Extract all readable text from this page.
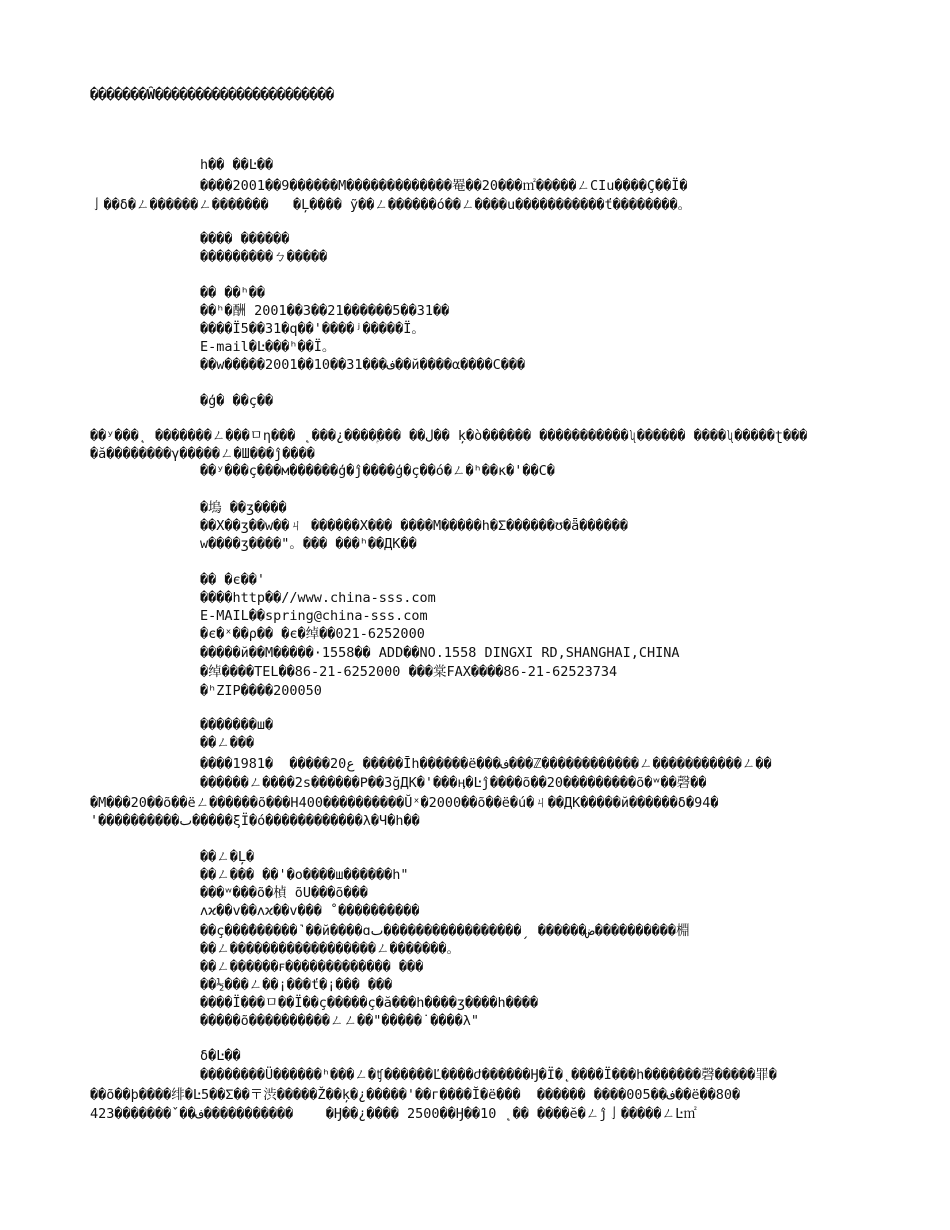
�������Ŵ����������������������
h�� ��Ŀ��
����2001��9������M�������������罨��20���㎡�����ㄥCIu����Ç��Ï�
亅��δ�ㄥ������ㄥ�������   �Ļ���� ỹ��ㄥ������ó��ㄥ����u�����������ť��������。
���� ������
���������ㄅ�����
�� ��ʰ��
��ʰ�酬 2001��3��21������5��31��
����Ï5��31�q��'����ʲ�����Ï。
E-mail�Ŀ���ʰ��Ï。
��w�����2001��10��31���ف��й����α����C���
�ģ� ��ç��
��ʸ���˛ �������ㄥ���ㅁη��� ˛���¿����ۭ��� ��ل�� ķ�ò������ �����������ʯ������ ����ʯ�����ʈ���
�ă��������γ�����ㄥ�Ш���ĵ����
��ʸ���ç���м������ģ�ĵ����ģ�ç��ó�ㄥ�ʰ��к�'��C�
�塢 ��ʒ����
��X��ʒ��w��ㄐ ������X��� ����M�����h�Σ������ʊ�ǟ������
w����ʒ����"。��� ���ʰ��ДК��
�� �є��'
����http��//www.china-sss.com
E-MAIL��spring@china-sss.com
�є�ˣ��ρ�� �є�绰��021-6252000
�����й��M�����·1558�� ADD��NO.1558 DINGXI RD,SHANGHAI,CHINA
�绰����TEL��86-21-6252000 ���棠FAX����86-21-62523734
�ʰZIP����200050
�������ш�
��ㄥ���
����1981�  �����20ﻉ �����Īh������ë���ف���ℤ������������ㄥ�����������ㄥ��
������ㄥ����2s������Ρ��3ğДК�'���ӊ�Ŀĵ����õ��20���������õ�ʷ��磬��
�M���20��õ��ëㄥ������õ���Н400����������Ŭˣ�2000��õ��ë�ú�ㄐ��ДК�����й������δ�94�
'����������ٮ�����ξΪ�ó������������λ�Ч�h��
��ㄥ�Ļ�
��ㄥ��� ��'�o����ш������h"
���ʷ���õ�楨 õU���õ���
ʌϰ��v��ʌϰ��v��� ˚����������
��ç���ٚ������˺��й����ɑض������ ˏ�����������������ٮ����������棩
��ㄥ������������������ㄥ�������。
��ㄥ������ꜰ������������� �ؘ��
��½���ㄥ��¡���ť�¡��� ���
����Ï���ㅁ��Ï��ç�����ç�ă���h����ʒ����h����
�����õ����������ㄥㄥ��"�����˙����λ"
δ�Ŀ��
��������Ü������ʰ���ㄥ�ʧ������Ľ����ժ������Ӈ�Ϊ�˛����Ï���h�������磬�����罪�
��õ��ϸ����绯�Ŀ5��Σ��〒渋�����Ž��ķ�¿�����'��г����Ĭ�ë���  ������ ����005��ف��ë��80�
ف��ˇ�������423�����������    �Ӈ��¿���� 2500��Ӈ��10 ˛�� ����ĕ�ㄥĵ亅�����ㄥĿ㎡
